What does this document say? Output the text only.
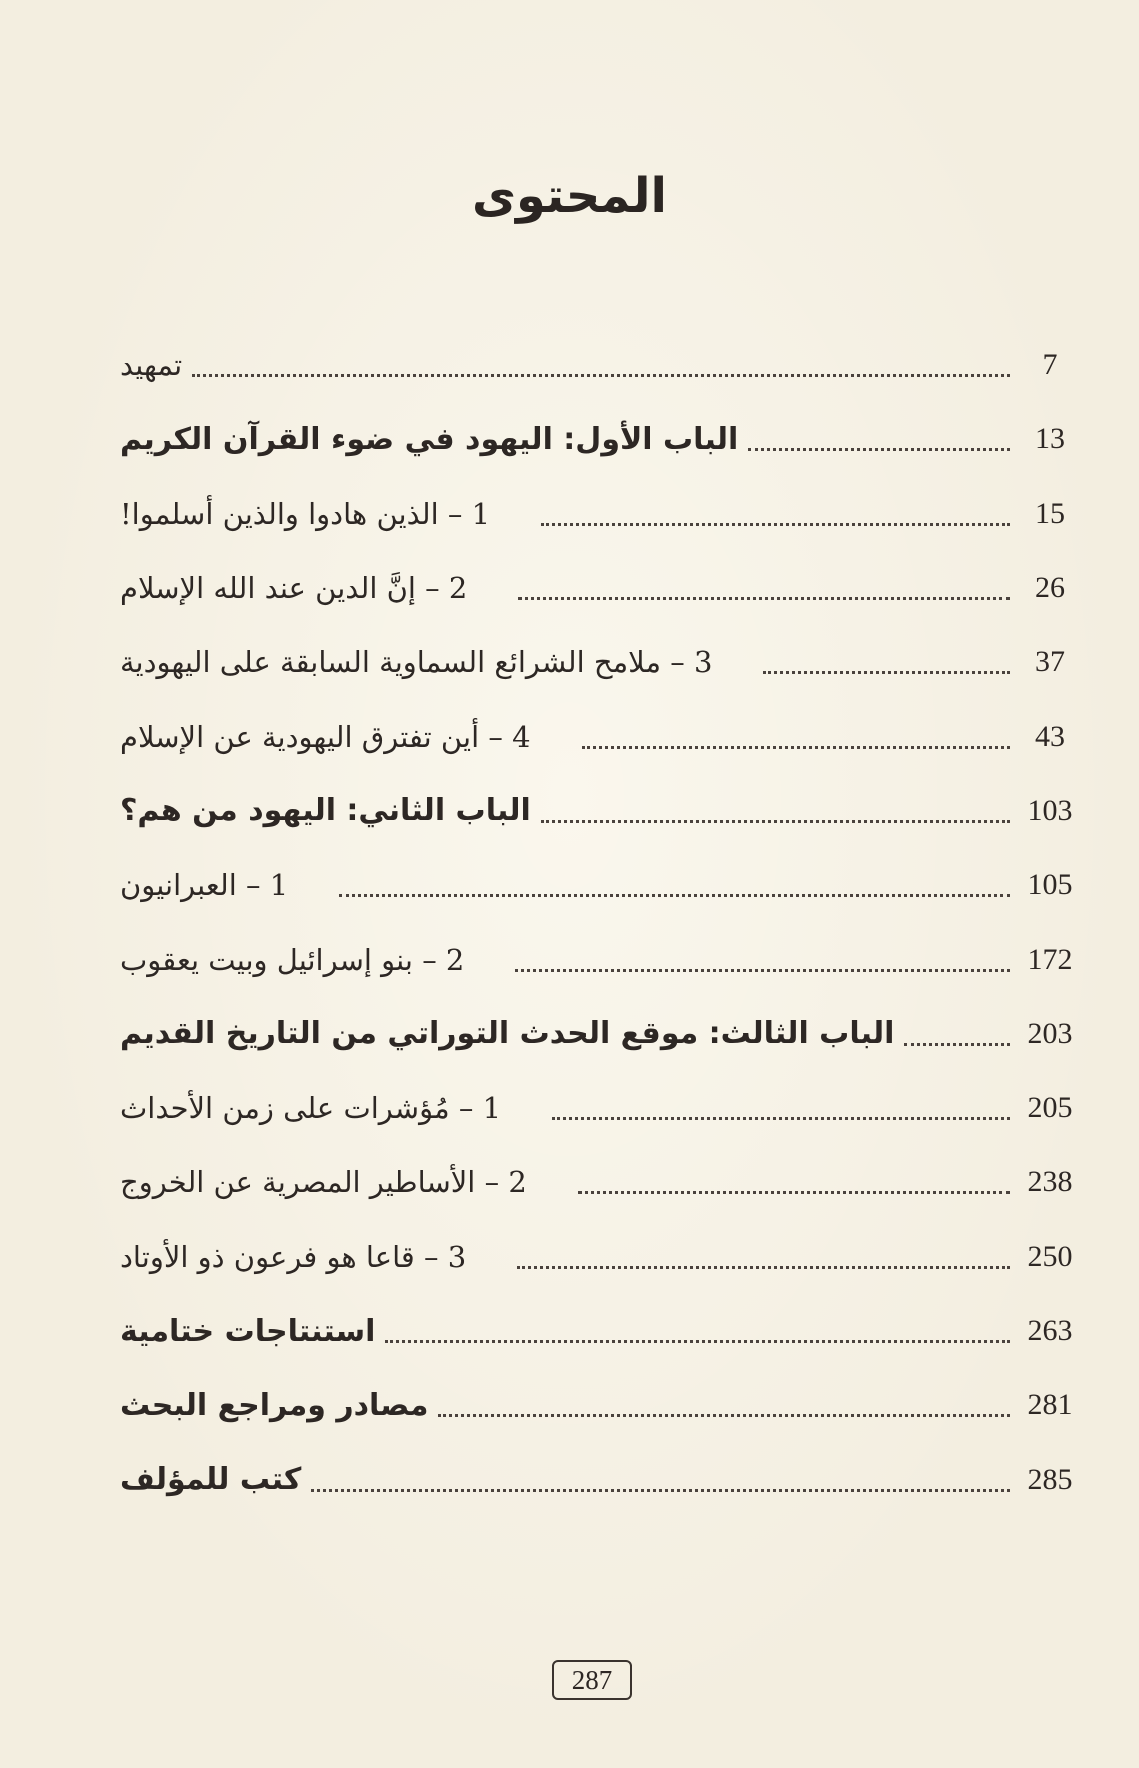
المحتوى
تمهيد	7
الباب الأول: اليهود في ضوء القرآن الكريم	13
1 – الذين هادوا والذين أسلموا!	15
2 – إنَّ الدين عند الله الإسلام	26
3 – ملامح الشرائع السماوية السابقة على اليهودية	37
4 – أين تفترق اليهودية عن الإسلام	43
الباب الثاني: اليهود من هم؟	103
1 – العبرانيون	105
2 – بنو إسرائيل وبيت يعقوب	172
الباب الثالث: موقع الحدث التوراتي من التاريخ القديم	203
1 – مُؤشرات على زمن الأحداث	205
2 – الأساطير المصرية عن الخروج	238
3 – قاعا هو فرعون ذو الأوتاد	250
استنتاجات ختامية	263
مصادر ومراجع البحث	281
كتب للمؤلف	285
287
